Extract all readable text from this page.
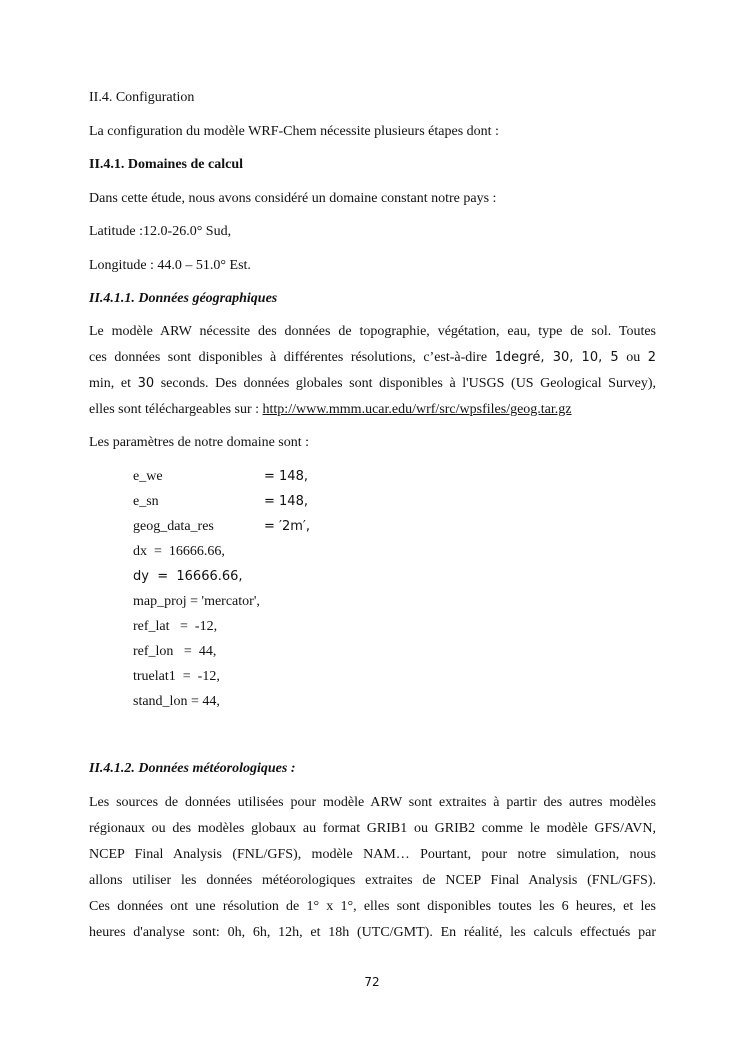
II.4. Configuration
La configuration du modèle WRF-Chem nécessite plusieurs étapes dont :
II.4.1. Domaines de calcul
Dans cette étude, nous avons considéré un domaine constant notre pays :
Latitude :12.0-26.0° Sud,
Longitude : 44.0 – 51.0° Est.
II.4.1.1. Données géographiques
Le modèle ARW nécessite des données de topographie, végétation, eau, type de sol. Toutes
ces données sont disponibles à différentes résolutions, c’est-à-dire 1degré, 30, 10, 5 ou 2
min, et 30 seconds. Des données globales sont disponibles à l'USGS (US Geological Survey),
elles sont téléchargeables sur : http://www.mmm.ucar.edu/wrf/src/wpsfiles/geog.tar.gz
Les paramètres de notre domaine sont :
e_we	= 148,
e_sn	= 148,
geog_data_res	= ′2m′,
dx  =  16666.66,
dy  =  16666.66,
map_proj = 'mercator',
ref_lat   =  -12,
ref_lon   =  44,
truelat1  =  -12,
stand_lon = 44,
II.4.1.2. Données météorologiques :
Les sources de données utilisées pour modèle ARW sont extraites à partir des autres modèles
régionaux ou des modèles globaux au format GRIB1 ou GRIB2 comme le modèle GFS/AVN,
NCEP Final Analysis (FNL/GFS), modèle NAM… Pourtant, pour notre simulation, nous
allons utiliser les données météorologiques extraites de NCEP Final Analysis (FNL/GFS).
Ces données ont une résolution de 1° x 1°, elles sont disponibles toutes les 6 heures, et les
heures d'analyse sont: 0h, 6h, 12h, et 18h (UTC/GMT). En réalité, les calculs effectués par
72
